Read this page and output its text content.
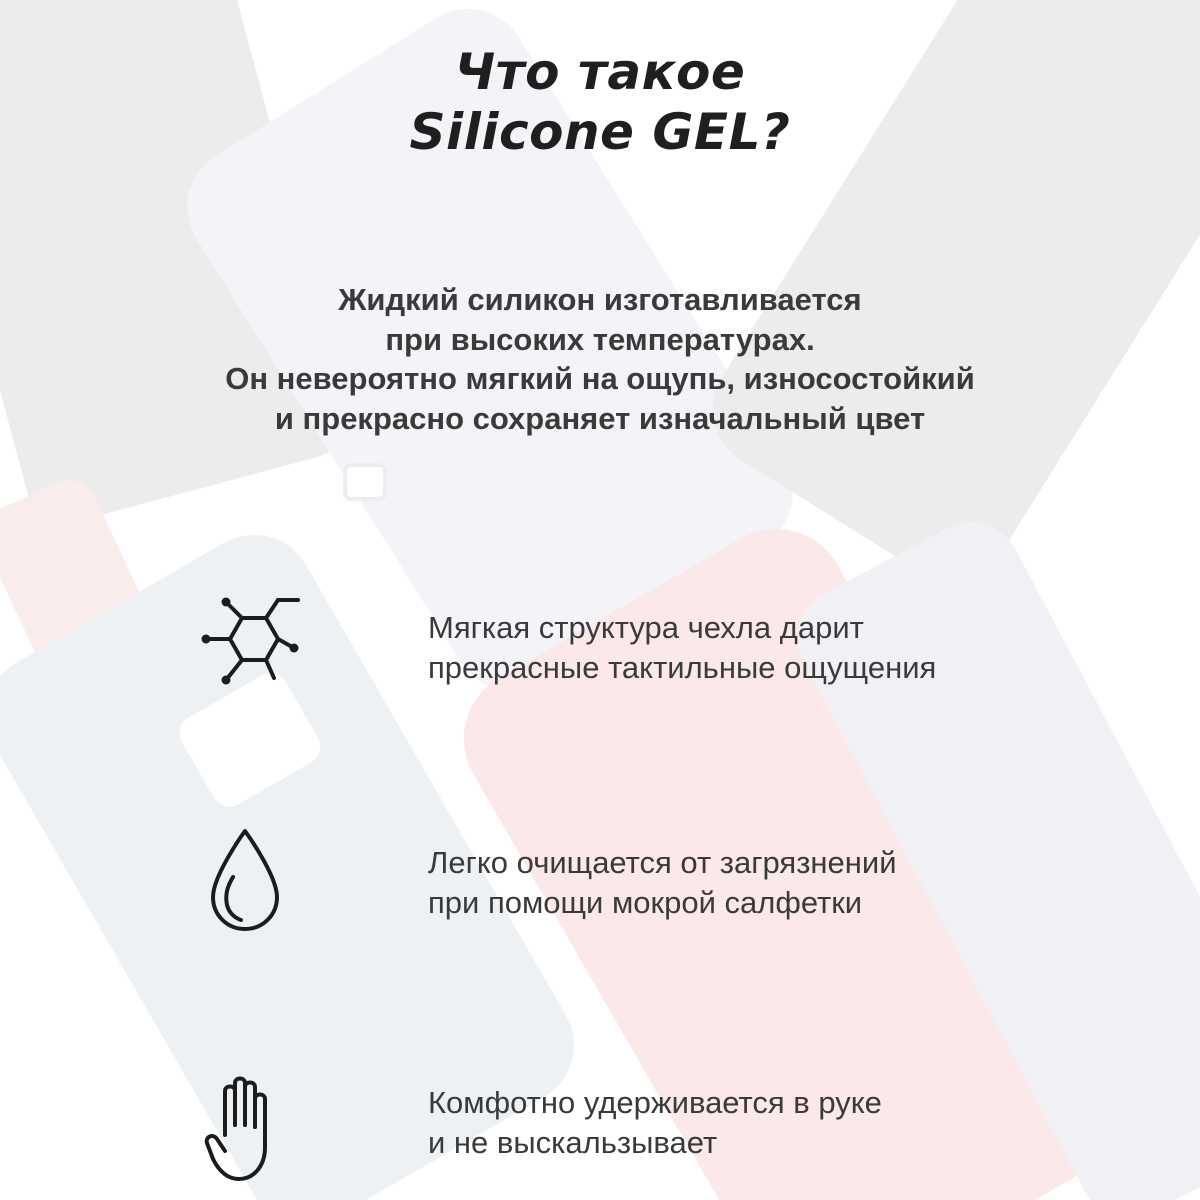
Что такое
Silicone GEL?
Жидкий силикон изготавливается
при высоких температурах.
Он невероятно мягкий на ощупь, износостойкий
и прекрасно сохраняет изначальный цвет
Мягкая структура чехла дарит
прекрасные тактильные ощущения
Легко очищается от загрязнений
при помощи мокрой салфетки
Комфотно удерживается в руке
и не выскальзывает
